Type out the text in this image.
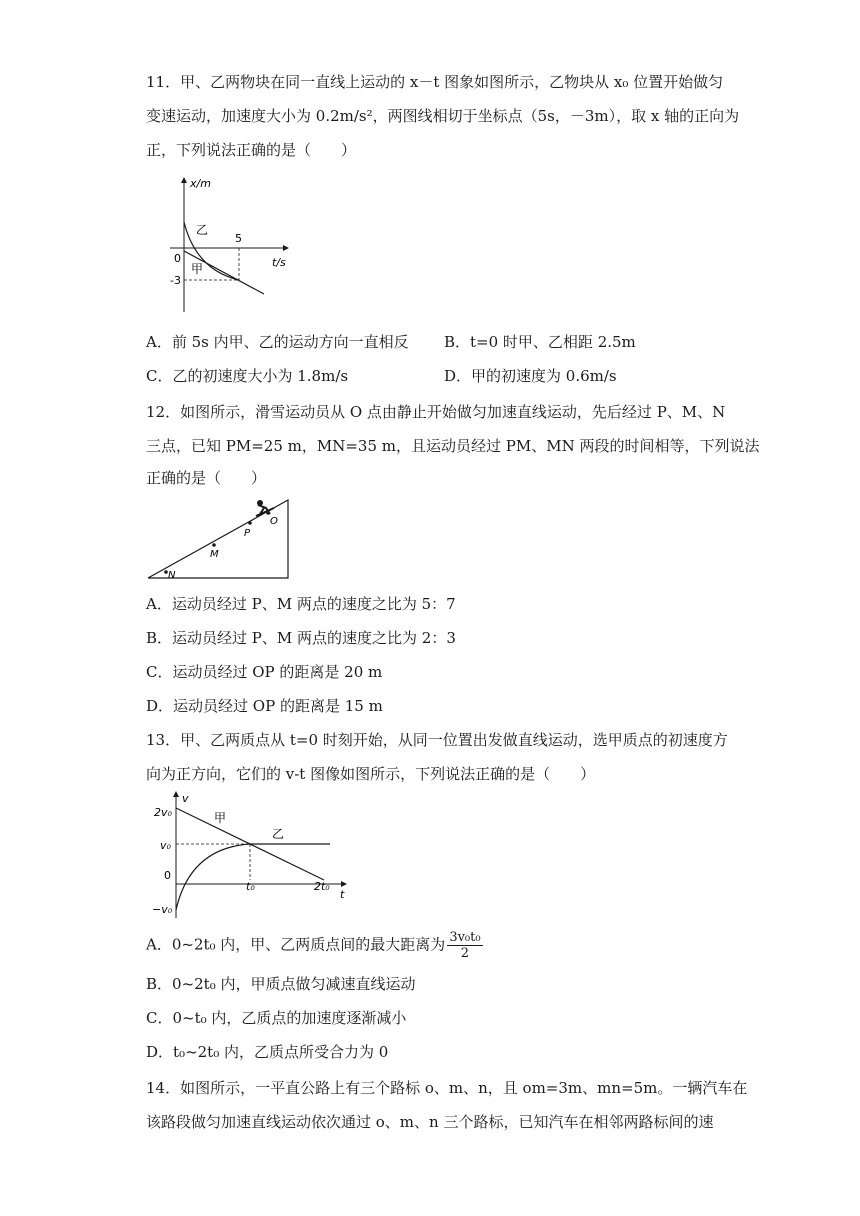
11．甲、乙两物块在同一直线上运动的 x－t 图象如图所示，乙物块从 x₀ 位置开始做匀
变速运动，加速度大小为 0.2m/s²，两图线相切于坐标点（5s，－3m），取 x 轴的正向为
正，下列说法正确的是（　　）
x/m
t/s
0
5
-3
乙
甲
A．前 5s 内甲、乙的运动方向一直相反 B．t=0 时甲、乙相距 2.5m
C．乙的初速度大小为 1.8m/s	D．甲的初速度为 0.6m/s
12．如图所示，滑雪运动员从 O 点由静止开始做匀加速直线运动，先后经过 P、M、N
三点，已知 PM=25 m，MN=35 m，且运动员经过 PM、MN 两段的时间相等，下列说法
正确的是（　　）
O
P
M
N
A．运动员经过 P、M 两点的速度之比为 5：7
B．运动员经过 P、M 两点的速度之比为 2：3
C．运动员经过 OP 的距离是 20 m
D．运动员经过 OP 的距离是 15 m
13．甲、乙两质点从 t=0 时刻开始，从同一位置出发做直线运动，选甲质点的初速度方
向为正方向，它们的 v-t 图像如图所示，下列说法正确的是（　　）
v
t
2v₀
v₀
0
−v₀
t₀	2t₀
甲
乙
A．0~2t₀ 内，甲、乙两质点间的最大距离为 $\frac{\text{3v₀t₀}}{2}$
B．0~2t₀ 内，甲质点做匀减速直线运动
C．0~t₀ 内，乙质点的加速度逐渐减小
D．t₀~2t₀ 内，乙质点所受合力为 0
14．如图所示，一平直公路上有三个路标 o、m、n，且 om=3m、mn=5m。一辆汽车在
该路段做匀加速直线运动依次通过 o、m、n 三个路标，已知汽车在相邻两路标间的速
